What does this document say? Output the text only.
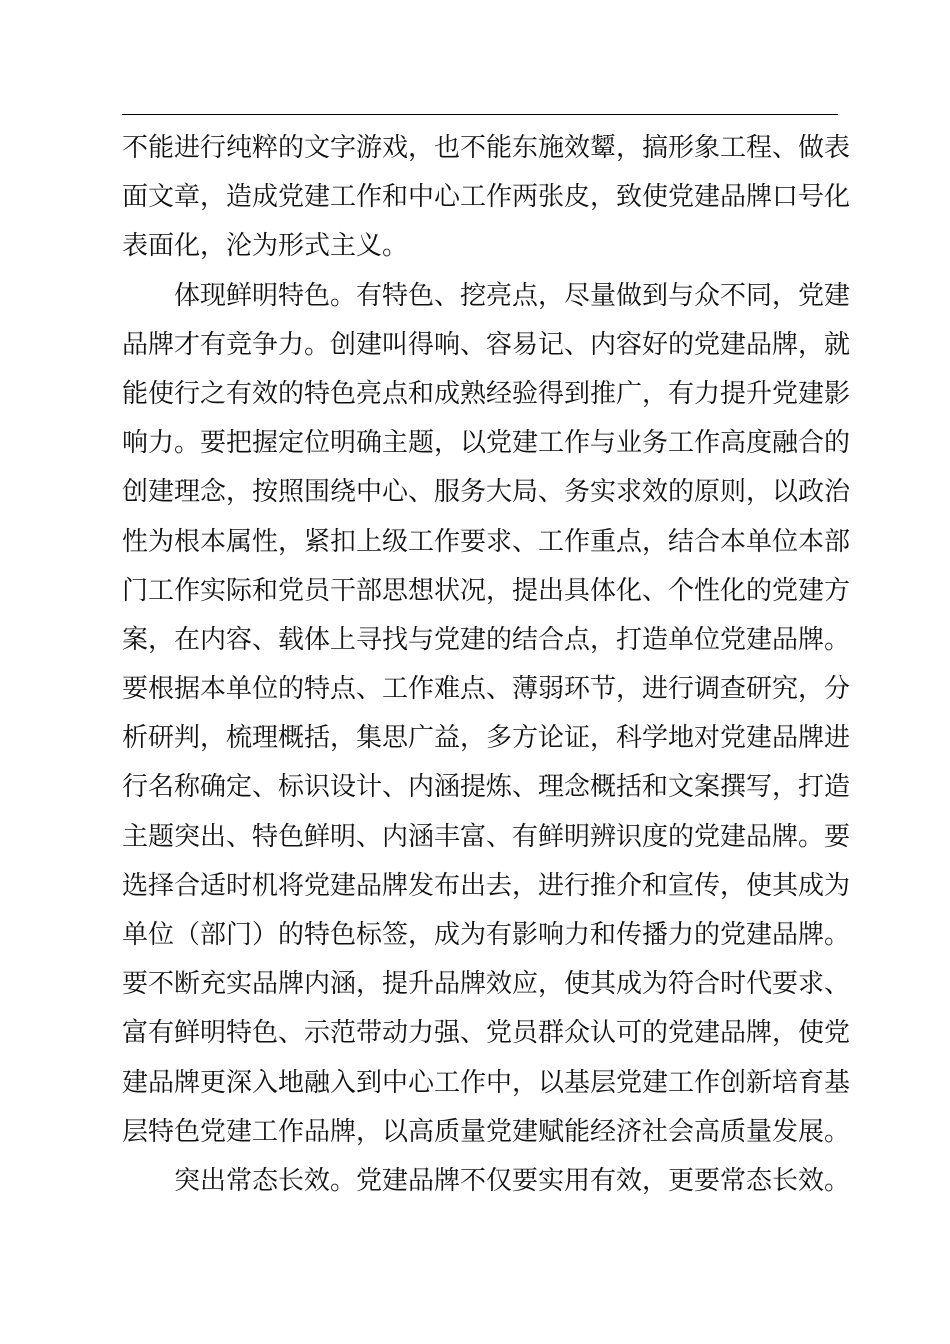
不能进行纯粹的文字游戏，也不能东施效颦，搞形象工程、做表
面文章，造成党建工作和中心工作两张皮，致使党建品牌口号化
表面化，沦为形式主义。
体现鲜明特色。有特色、挖亮点，尽量做到与众不同，党建
品牌才有竞争力。创建叫得响、容易记、内容好的党建品牌，就
能使行之有效的特色亮点和成熟经验得到推广，有力提升党建影
响力。要把握定位明确主题，以党建工作与业务工作高度融合的
创建理念，按照围绕中心、服务大局、务实求效的原则，以政治
性为根本属性，紧扣上级工作要求、工作重点，结合本单位本部
门工作实际和党员干部思想状况，提出具体化、个性化的党建方
案，在内容、载体上寻找与党建的结合点，打造单位党建品牌。
要根据本单位的特点、工作难点、薄弱环节，进行调查研究，分
析研判，梳理概括，集思广益，多方论证，科学地对党建品牌进
行名称确定、标识设计、内涵提炼、理念概括和文案撰写，打造
主题突出、特色鲜明、内涵丰富、有鲜明辨识度的党建品牌。要
选择合适时机将党建品牌发布出去，进行推介和宣传，使其成为
单位（部门）的特色标签，成为有影响力和传播力的党建品牌。
要不断充实品牌内涵，提升品牌效应，使其成为符合时代要求、
富有鲜明特色、示范带动力强、党员群众认可的党建品牌，使党
建品牌更深入地融入到中心工作中，以基层党建工作创新培育基
层特色党建工作品牌，以高质量党建赋能经济社会高质量发展。
突出常态长效。党建品牌不仅要实用有效，更要常态长效。
